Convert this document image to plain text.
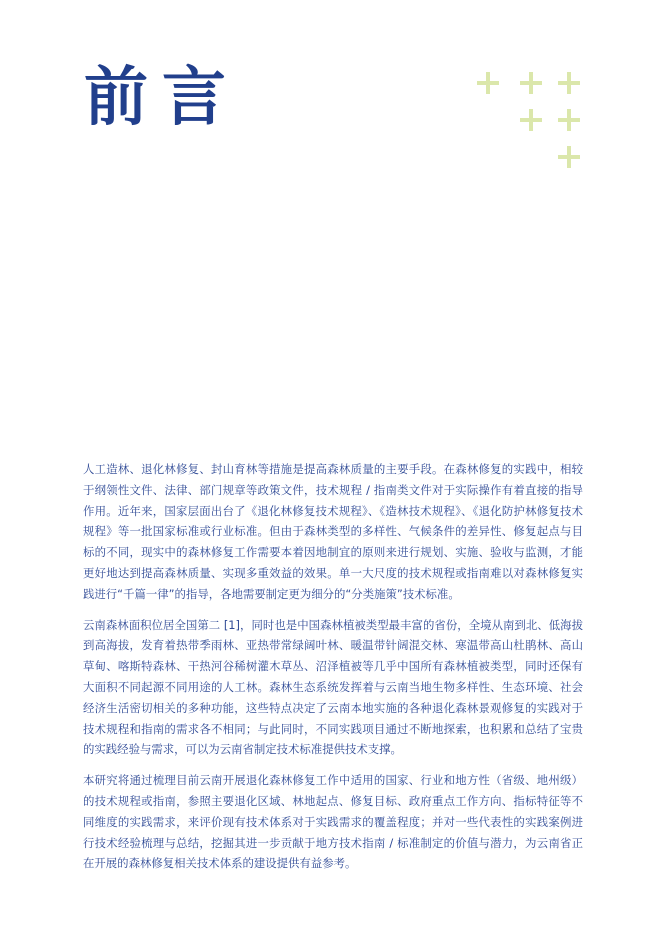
前言

人工造林、退化林修复、封山育林等措施是提高森林质量的主要手段。在森林修复的实践中，相较于纲领性文件、法律、部门规章等政策文件，技术规程 / 指南类文件对于实际操作有着直接的指导作用。近年来，国家层面出台了《退化林修复技术规程》、《造林技术规程》、《退化防护林修复技术规程》等一批国家标准或行业标准。但由于森林类型的多样性、气候条件的差异性、修复起点与目标的不同，现实中的森林修复工作需要本着因地制宜的原则来进行规划、实施、验收与监测，才能更好地达到提高森林质量、实现多重效益的效果。单一大尺度的技术规程或指南难以对森林修复实践进行“千篇一律”的指导，各地需要制定更为细分的“分类施策”技术标准。

云南森林面积位居全国第二 [1]，同时也是中国森林植被类型最丰富的省份，全境从南到北、低海拔到高海拔，发育着热带季雨林、亚热带常绿阔叶林、暖温带针阔混交林、寒温带高山杜鹃林、高山草甸、喀斯特森林、干热河谷稀树灌木草丛、沼泽植被等几乎中国所有森林植被类型，同时还保有大面积不同起源不同用途的人工林。森林生态系统发挥着与云南当地生物多样性、生态环境、社会经济生活密切相关的多种功能，这些特点决定了云南本地实施的各种退化森林景观修复的实践对于技术规程和指南的需求各不相同；与此同时，不同实践项目通过不断地探索，也积累和总结了宝贵的实践经验与需求，可以为云南省制定技术标准提供技术支撑。

本研究将通过梳理目前云南开展退化森林修复工作中适用的国家、行业和地方性（省级、地州级）的技术规程或指南，参照主要退化区域、林地起点、修复目标、政府重点工作方向、指标特征等不同维度的实践需求，来评价现有技术体系对于实践需求的覆盖程度；并对一些代表性的实践案例进行技术经验梳理与总结，挖掘其进一步贡献于地方技术指南 / 标准制定的价值与潜力，为云南省正在开展的森林修复相关技术体系的建设提供有益参考。
